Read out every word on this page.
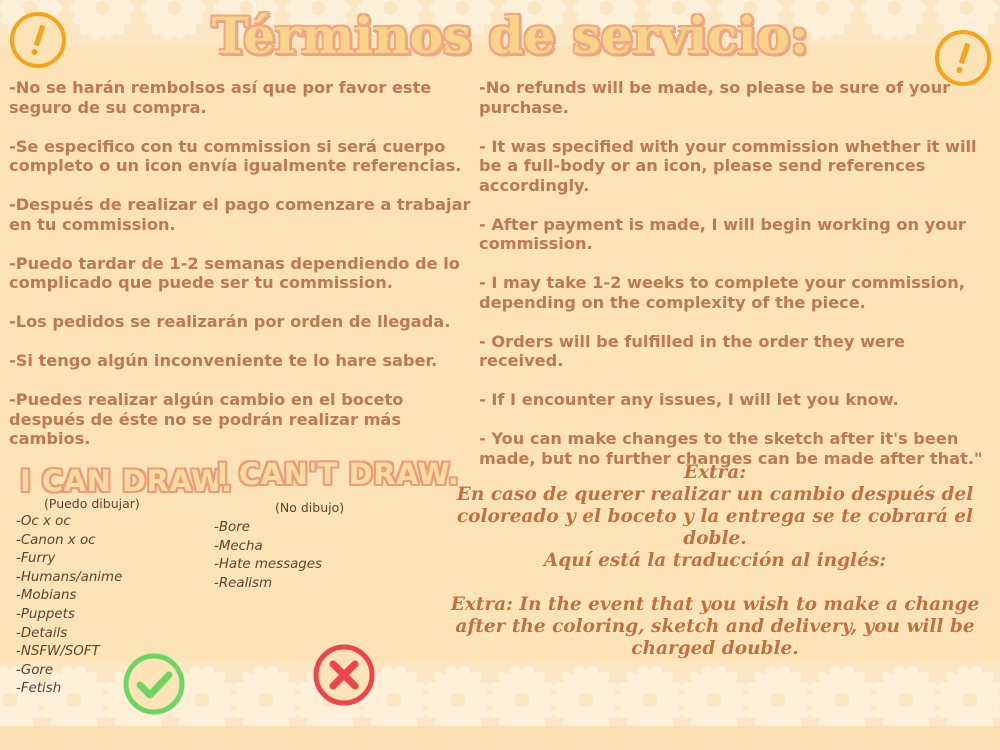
Términos de servicio:
-No se harán rembolsos así que por favor este seguro de su compra.
-Se especifico con tu commission si será cuerpo completo o un icon envía igualmente referencias.
-Después de realizar el pago comenzare a trabajar en tu commission.
-Puedo tardar de 1-2 semanas dependiendo de lo complicado que puede ser tu commission.
-Los pedidos se realizarán por orden de llegada.
-Si tengo algún inconveniente te lo hare saber.
-Puedes realizar algún cambio en el boceto después de éste no se podrán realizar más cambios.
-No refunds will be made, so please be sure of your purchase.
- It was specified with your commission whether it will be a full-body or an icon, please send references accordingly.
- After payment is made, I will begin working on your commission.
- I may take 1-2 weeks to complete your commission, depending on the complexity of the piece.
- Orders will be fulfilled in the order they were received.
- If I encounter any issues, I will let you know.
- You can make changes to the sketch after it's been made, but no further changes can be made after that."
I CAN DRAW.
(Puedo dibujar)
-Oc x oc
-Canon x oc
-Furry
-Humans/anime
-Mobians
-Puppets
-Details
-NSFW/SOFT
-Gore
-Fetish
I CAN'T DRAW.
(No dibujo)
-Bore
-Mecha
-Hate messages
-Realism

Extra:

En caso de querer realizar un cambio después del coloreado y el boceto y la entrega se te cobrará el doble.

Aquí está la traducción al inglés:

Extra: In the event that you wish to make a change after the coloring, sketch and delivery, you will be charged double.
